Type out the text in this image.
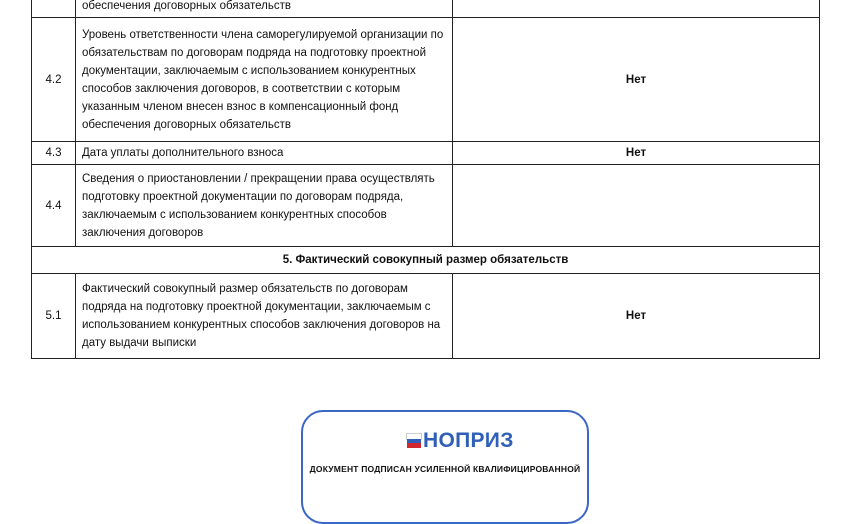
	обеспечения договорных обязательств	
4.2	Уровень ответственности члена саморегулируемой организации по обязательствам по договорам подряда на подготовку проектной документации, заключаемым с использованием конкурентных способов заключения договоров, в соответствии с которым указанным членом внесен взнос в компенсационный фонд обеспечения договорных обязательств	Нет
4.3	Дата уплаты дополнительного взноса	Нет
4.4	Сведения о приостановлении / прекращении права осуществлять подготовку проектной документации по договорам подряда, заключаемым с использованием конкурентных способов заключения договоров	
5. Фактический совокупный размер обязательств		
5.1	Фактический совокупный размер обязательств по договорам подряда на подготовку проектной документации, заключаемым с использованием конкурентных способов заключения договоров на дату выдачи выписки	Нет
НОПРИЗ
ДОКУМЕНТ ПОДПИСАН УСИЛЕННОЙ КВАЛИФИЦИРОВАННОЙ
